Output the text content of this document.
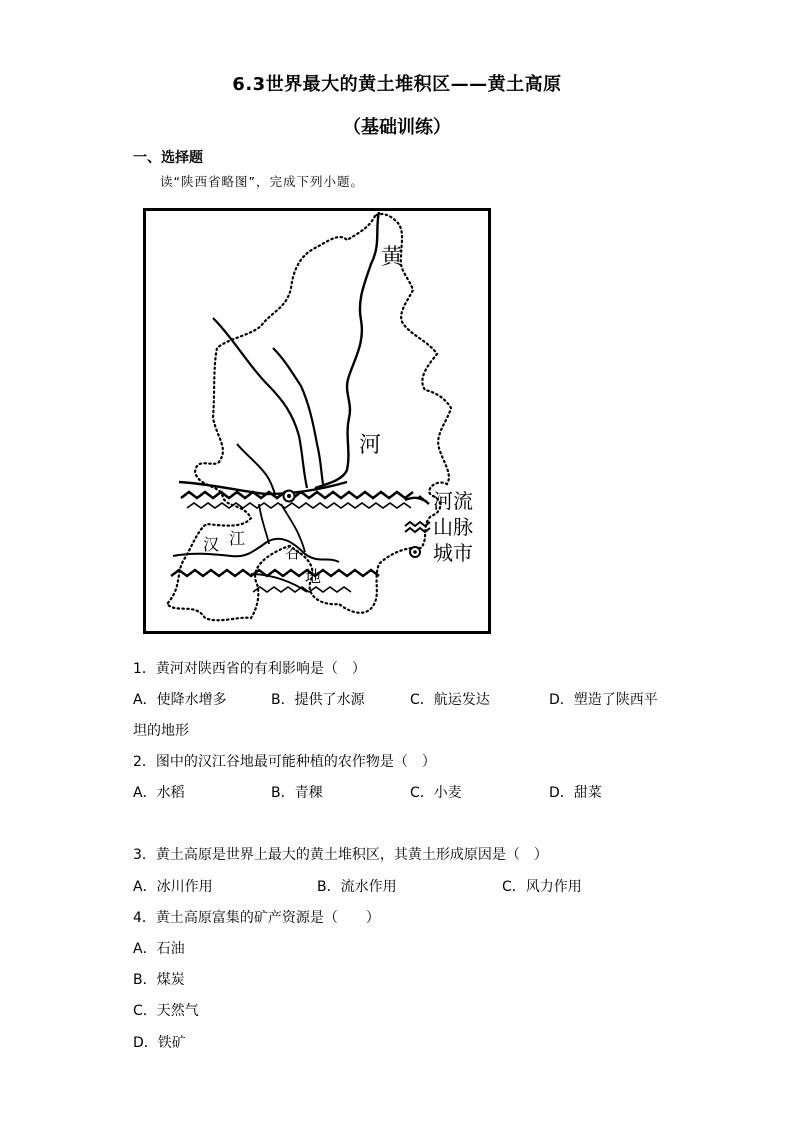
6.3世界最大的黄土堆积区——黄土高原
（基础训练）
一、选择题
读“陕西省略图”，完成下列小题。
黄
河
汉 江
谷
地
河流
山脉
城市
1．黄河对陕西省的有利影响是（　）
A．使降水增多	B．提供了水源	C．航运发达	D．塑造了陕西平
坦的地形
2．图中的汉江谷地最可能种植的农作物是（　）
A．水稻	B．青稞	C．小麦	D．甜菜
3．黄土高原是世界上最大的黄土堆积区，其黄土形成原因是（　）
A．冰川作用	B．流水作用	C．风力作用
4．黄土高原富集的矿产资源是（　　）
A．石油
B．煤炭
C．天然气
D．铁矿
